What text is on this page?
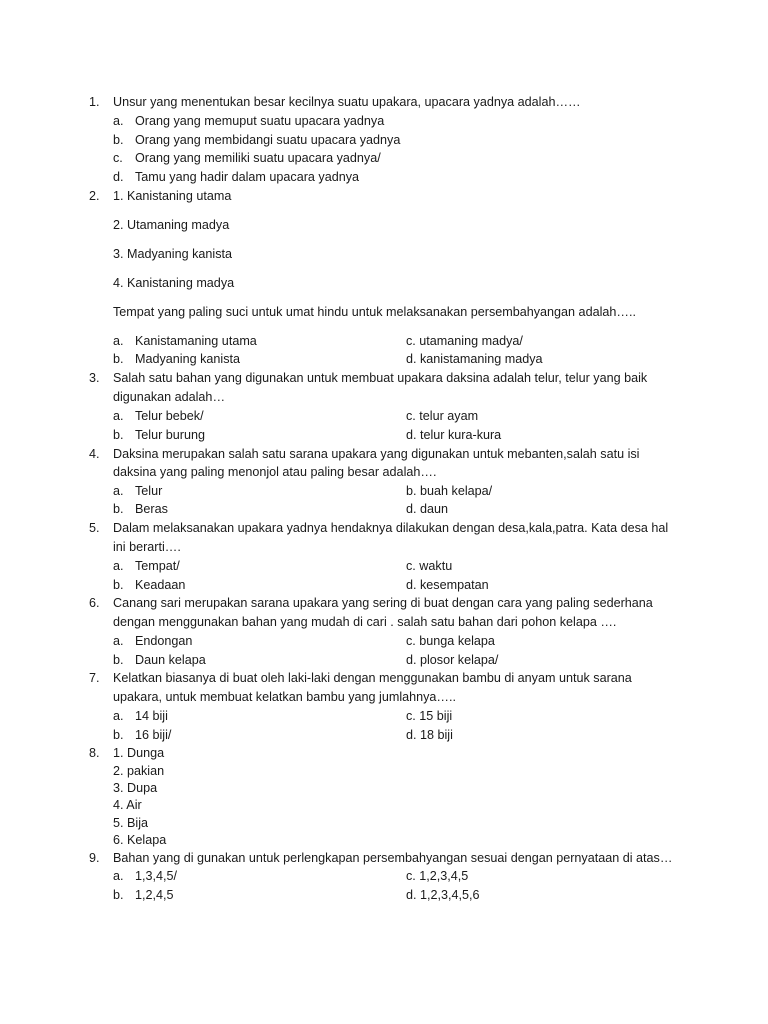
1. Unsur yang menentukan besar kecilnya suatu upakara, upacara yadnya adalah……
a. Orang yang memuput suatu upacara yadnya
b. Orang yang membidangi suatu upacara yadnya
c. Orang yang memiliki suatu upacara yadnya/
d. Tamu yang hadir dalam upacara yadnya
2. 1. Kanistaning utama
2. Utamaning madya
3. Madyaning kanista
4. Kanistaning madya
Tempat yang paling suci untuk umat hindu untuk melaksanakan persembahyangan adalah…..
a. Kanistamaning utama	c. utamaning madya/
b. Madyaning kanista	d. kanistamaning madya
3. Salah satu bahan yang digunakan untuk membuat upakara daksina adalah telur, telur yang baik
digunakan adalah…
a. Telur bebek/	c. telur ayam
b. Telur burung	d. telur kura-kura
4. Daksina merupakan salah satu sarana upakara yang digunakan untuk mebanten,salah satu isi
daksina yang paling menonjol atau paling besar adalah….
a. Telur	b. buah kelapa/
b. Beras	d. daun
5. Dalam melaksanakan upakara yadnya hendaknya dilakukan dengan desa,kala,patra. Kata desa hal
ini berarti….
a. Tempat/	c. waktu
b. Keadaan	d. kesempatan
6. Canang sari merupakan sarana upakara yang sering di buat dengan cara yang paling sederhana
dengan menggunakan bahan yang mudah di cari . salah satu bahan dari pohon kelapa ….
a. Endongan	c. bunga kelapa
b. Daun kelapa	d. plosor kelapa/
7. Kelatkan biasanya di buat oleh laki-laki dengan menggunakan bambu di anyam untuk sarana
upakara, untuk membuat kelatkan bambu yang jumlahnya…..
a. 14 biji	c. 15 biji
b. 16 biji/	d. 18 biji
8. 1. Dunga
2. pakian
3. Dupa
4. Air
5. Bija
6. Kelapa
9. Bahan yang di gunakan untuk perlengkapan persembahyangan sesuai dengan pernyataan di atas…
a. 1,3,4,5/	c. 1,2,3,4,5
b. 1,2,4,5	d. 1,2,3,4,5,6
